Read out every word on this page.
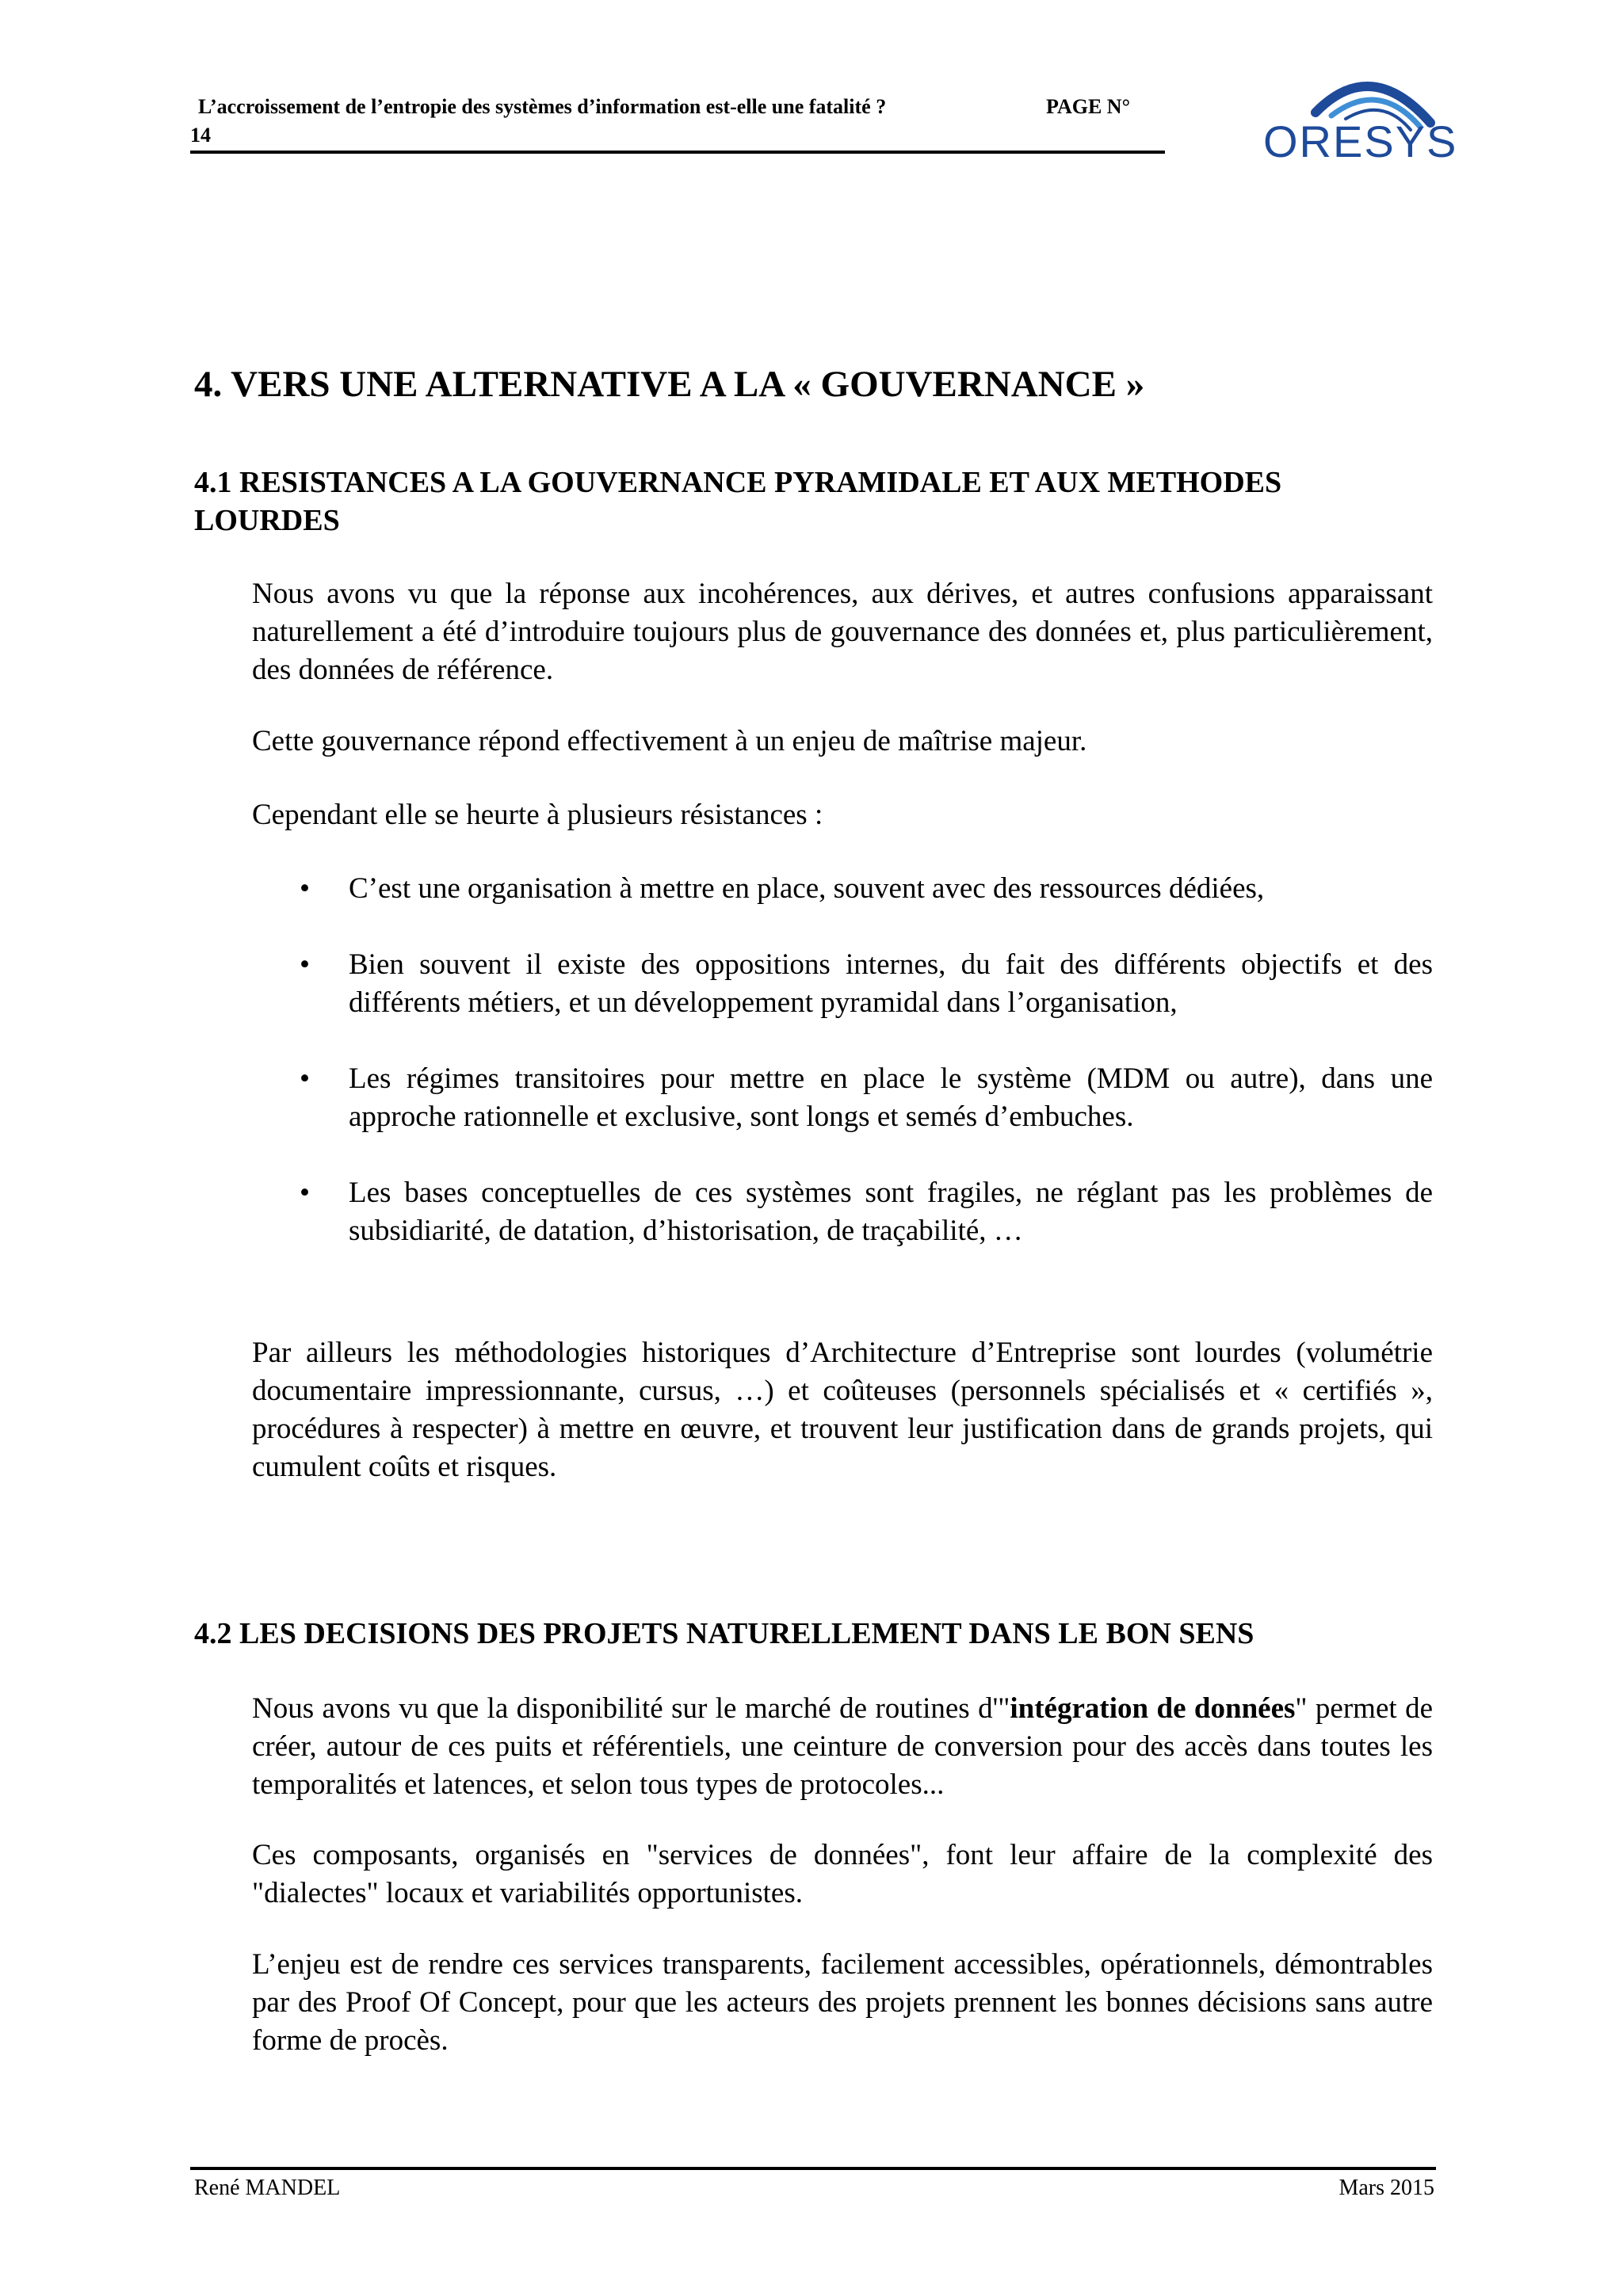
L’accroissement de l’entropie des systèmes d’information est-elle une fatalité ?	PAGE N°
14	ORESYS
4. VERS UNE ALTERNATIVE A LA « GOUVERNANCE »
4.1 RESISTANCES A LA GOUVERNANCE PYRAMIDALE ET AUX METHODES
LOURDES
Nous avons vu que la réponse aux incohérences, aux dérives, et autres confusions apparaissant naturellement a été d’introduire toujours plus de gouvernance des données et, plus particulièrement, des données de référence.
Cette gouvernance répond effectivement à un enjeu de maîtrise majeur.
Cependant elle se heurte à plusieurs résistances :
• C’est une organisation à mettre en place, souvent avec des ressources dédiées,
• Bien souvent il existe des oppositions internes, du fait des différents objectifs et des différents métiers, et un développement pyramidal dans l’organisation,
• Les régimes transitoires pour mettre en place le système (MDM ou autre), dans une approche rationnelle et exclusive, sont longs et semés d’embuches.
• Les bases conceptuelles de ces systèmes sont fragiles, ne réglant pas les problèmes de subsidiarité, de datation, d’historisation, de traçabilité, …
Par ailleurs les méthodologies historiques d’Architecture d’Entreprise sont lourdes (volumétrie documentaire impressionnante, cursus, …) et coûteuses (personnels spécialisés et « certifiés », procédures à respecter) à mettre en œuvre, et trouvent leur justification dans de grands projets, qui cumulent coûts et risques.
4.2 LES DECISIONS DES PROJETS NATURELLEMENT DANS LE BON SENS
Nous avons vu que la disponibilité sur le marché de routines d'"intégration de données" permet de créer, autour de ces puits et référentiels, une ceinture de conversion pour des accès dans toutes les temporalités et latences, et selon tous types de protocoles...
Ces composants, organisés en "services de données", font leur affaire de la complexité des "dialectes" locaux et variabilités opportunistes.
L’enjeu est de rendre ces services transparents, facilement accessibles, opérationnels, démontrables par des Proof Of Concept, pour que les acteurs des projets prennent les bonnes décisions sans autre forme de procès.
René MANDEL	Mars 2015
